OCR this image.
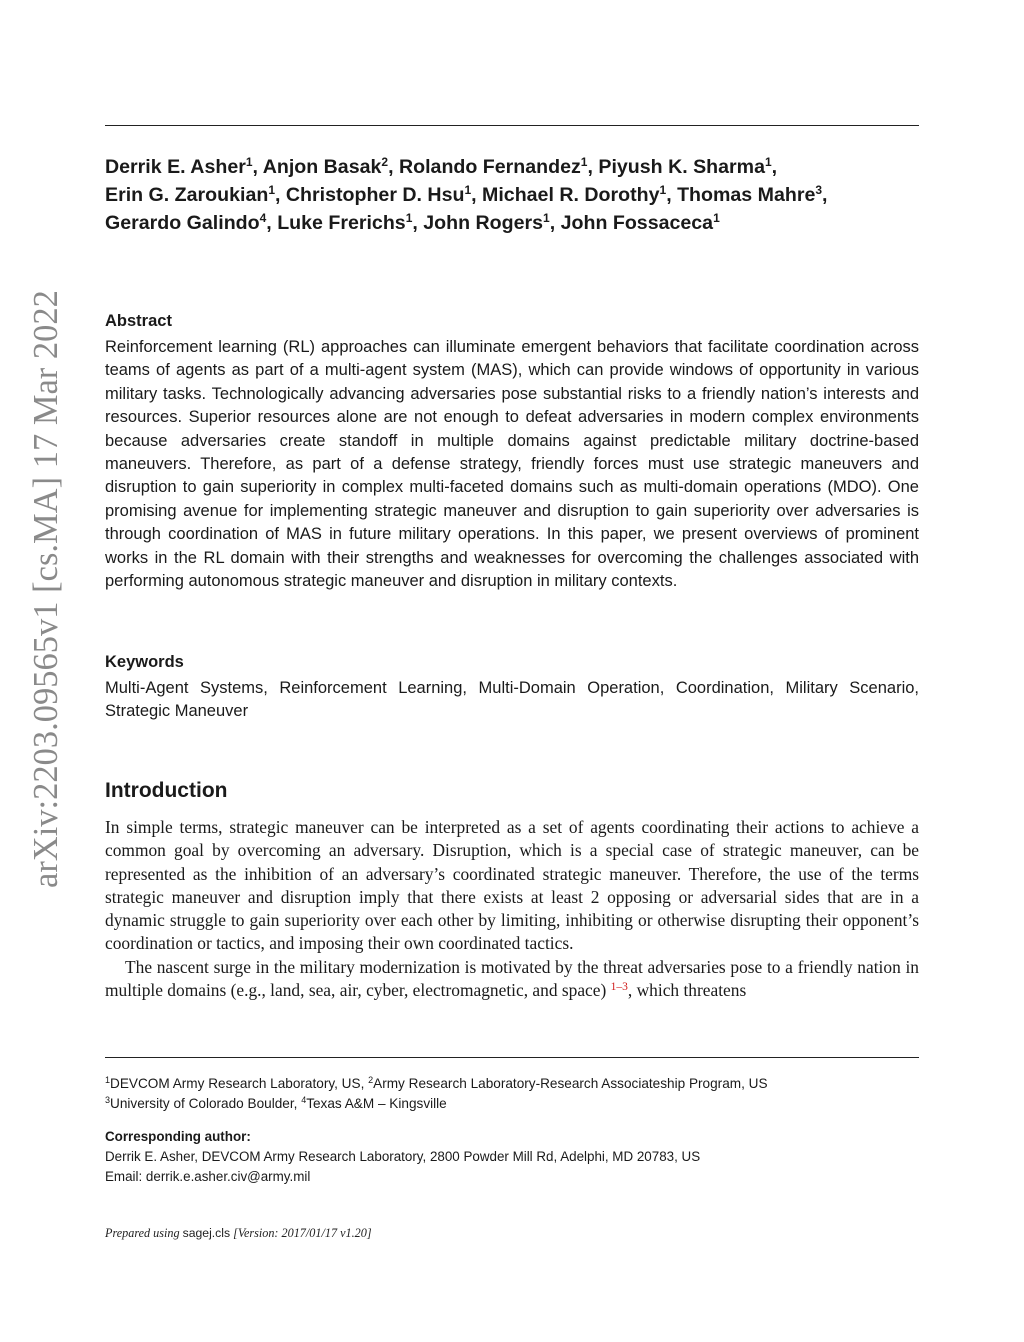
arXiv:2203.09565v1 [cs.MA] 17 Mar 2022
Derrik E. Asher$^1$, Anjon Basak$^2$, Rolando Fernandez$^1$, Piyush K. Sharma$^1$,
Erin G. Zaroukian$^1$, Christopher D. Hsu$^1$, Michael R. Dorothy$^1$, Thomas Mahre$^3$, Gerardo Galindo$^4$, Luke Frerichs$^1$, John Rogers$^1$, John Fossaceca$^1$
Abstract
Reinforcement learning (RL) approaches can illuminate emergent behaviors that facilitate coordination across teams of agents as part of a multi-agent system (MAS), which can provide windows of opportunity in various military tasks. Technologically advancing adversaries pose substantial risks to a friendly nation’s interests and resources. Superior resources alone are not enough to defeat adversaries in modern complex environments because adversaries create standoff in multiple domains against predictable military doctrine-based maneuvers. Therefore, as part of a defense strategy, friendly forces must use strategic maneuvers and disruption to gain superiority in complex multi-faceted domains such as multi-domain operations (MDO). One promising avenue for implementing strategic maneuver and disruption to gain superiority over adversaries is through coordination of MAS in future military operations. In this paper, we present overviews of prominent works in the RL domain with their strengths and weaknesses for overcoming the challenges associated with performing autonomous strategic maneuver and disruption in military contexts.
Keywords
Multi-Agent Systems, Reinforcement Learning, Multi-Domain Operation, Coordination, Military Scenario, Strategic Maneuver
Introduction

In simple terms, strategic maneuver can be interpreted as a set of agents coordinating their actions to achieve a common goal by overcoming an adversary. Disruption, which is a special case of strategic maneuver, can be represented as the inhibition of an adversary’s coordinated strategic maneuver. Therefore, the use of the terms strategic maneuver and disruption imply that there exists at least 2 opposing or adversarial sides that are in a dynamic struggle to gain superiority over each other by limiting, inhibiting or otherwise disrupting their opponent’s coordination or tactics, and imposing their own coordinated tactics.

The nascent surge in the military modernization is motivated by the threat adversaries pose to a friendly nation in multiple domains (e.g., land, sea, air, cyber, electromagnetic, and space) $^{1-3}$, which threatens

$^1$DEVCOM Army Research Laboratory, US, $^2$Army Research Laboratory-Research Associateship Program, US
$^3$University of Colorado Boulder, $^4$Texas A&M – Kingsville
Corresponding author:
Derrik E. Asher, DEVCOM Army Research Laboratory, 2800 Powder Mill Rd, Adelphi, MD 20783, US
Email: derrik.e.asher.civ@army.mil
Prepared using sagej.cls [Version: 2017/01/17 v1.20]
